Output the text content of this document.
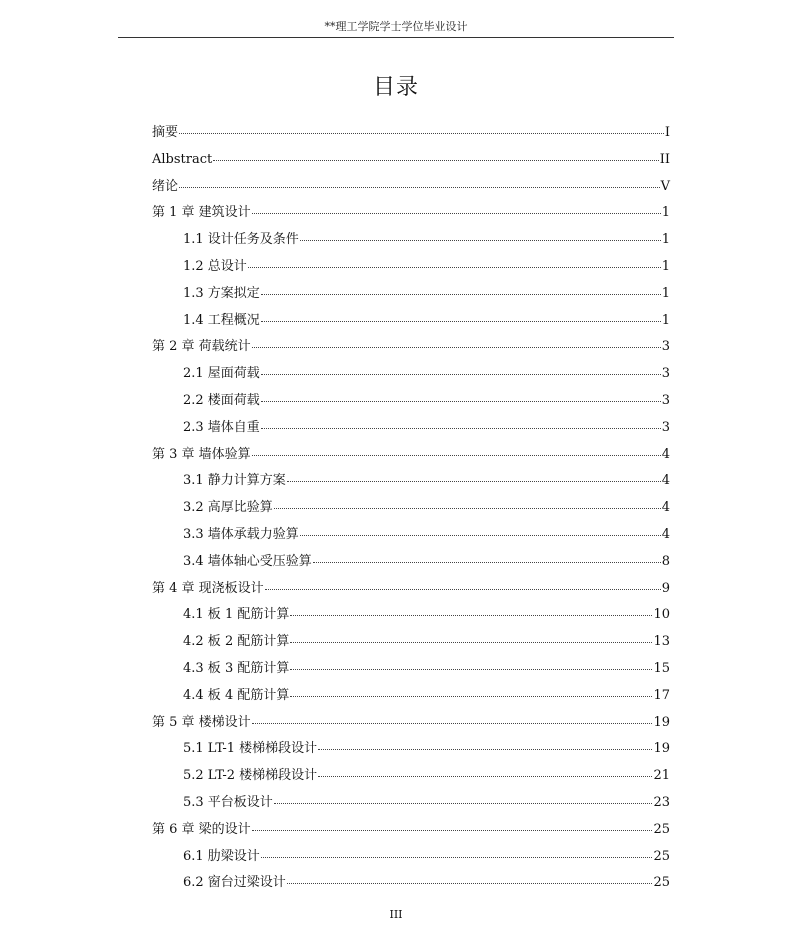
**理工学院学士学位毕业设计
目录
摘要	I
Albstract	II
绪论	V
第 1 章 建筑设计	1
1.1 设计任务及条件	1
1.2 总设计	1
1.3 方案拟定	1
1.4 工程概况	1
第 2 章 荷载统计	3
2.1 屋面荷载	3
2.2 楼面荷载	3
2.3 墙体自重	3
第 3 章 墙体验算	4
3.1 静力计算方案	4
3.2 高厚比验算	4
3.3 墙体承载力验算	4
3.4 墙体轴心受压验算	8
第 4 章 现浇板设计	9
4.1 板 1 配筋计算	10
4.2 板 2 配筋计算	13
4.3 板 3 配筋计算	15
4.4 板 4 配筋计算	17
第 5 章 楼梯设计	19
5.1 LT-1 楼梯梯段设计	19
5.2 LT-2 楼梯梯段设计	21
5.3 平台板设计	23
第 6 章 梁的设计	25
6.1 肋梁设计	25
6.2 窗台过梁设计	25
III
